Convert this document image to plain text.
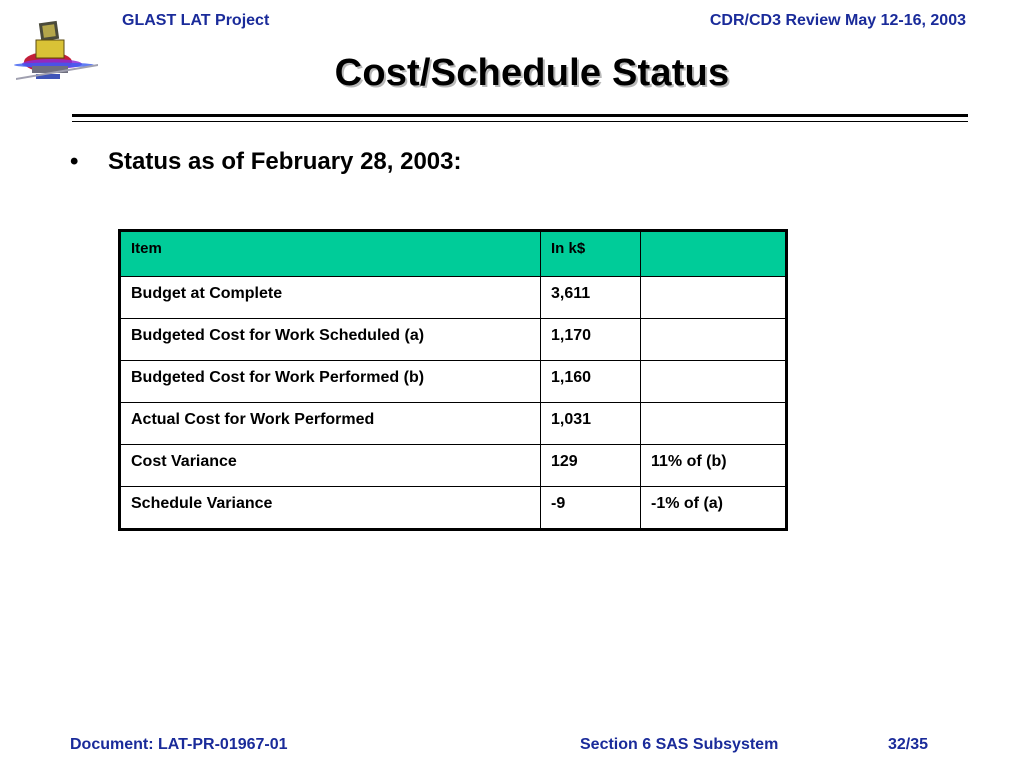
GLAST LAT Project	CDR/CD3 Review May 12-16, 2003
Cost/Schedule Status
• Status as of February 28, 2003:
Item	In k$	
Budget at Complete	3,611	
Budgeted Cost for Work Scheduled (a)	1,170	
Budgeted Cost for Work Performed (b)	1,160	
Actual Cost for Work Performed	1,031	
Cost Variance	129	11% of (b)
Schedule Variance	-9	-1% of (a)
Document: LAT-PR-01967-01	Section 6 SAS Subsystem	32/35
